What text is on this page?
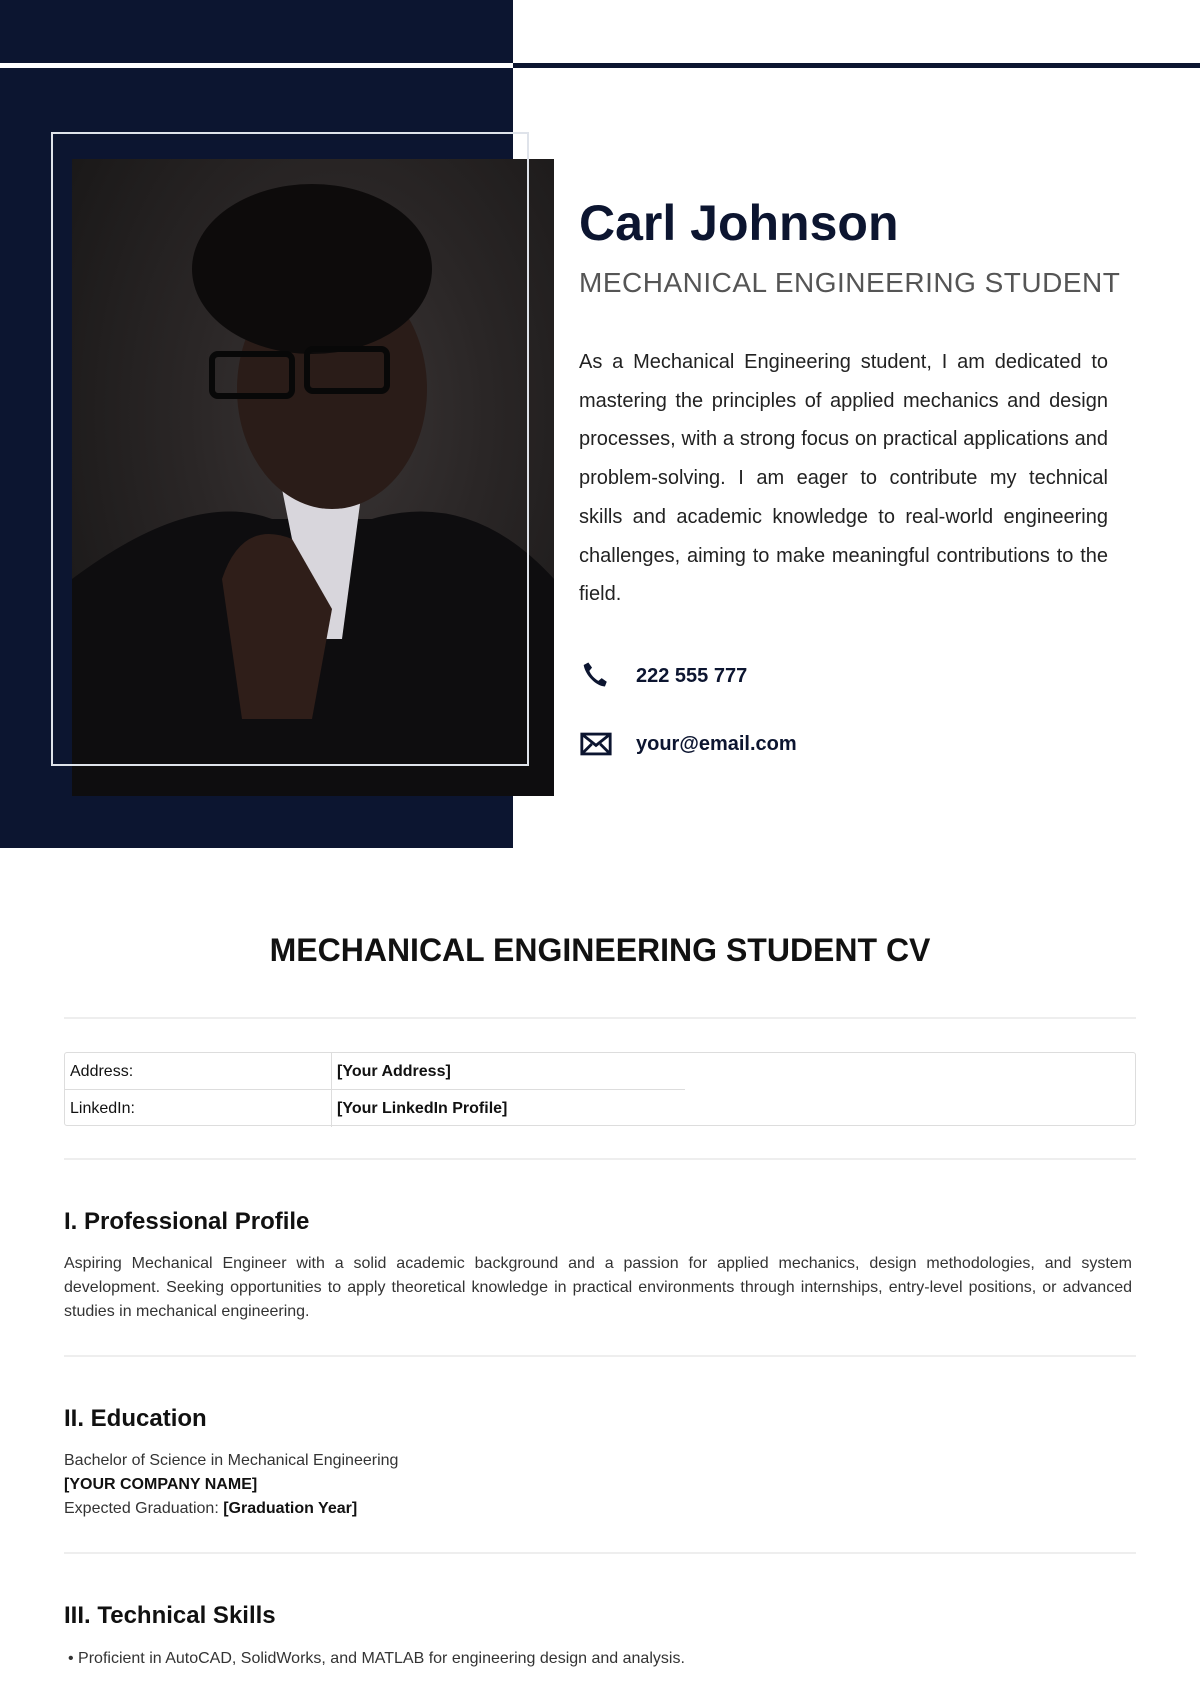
Carl Johnson
MECHANICAL ENGINEERING STUDENT
As a Mechanical Engineering student, I am dedicated to mastering the principles of applied mechanics and design processes, with a strong focus on practical applications and problem-solving. I am eager to contribute my technical skills and academic knowledge to real-world engineering challenges, aiming to make meaningful contributions to the field.
222 555 777
your@email.com
MECHANICAL ENGINEERING STUDENT CV
Address:	[Your Address]
LinkedIn:	[Your LinkedIn Profile]
I. Professional Profile
Aspiring Mechanical Engineer with a solid academic background and a passion for applied mechanics, design methodologies, and system development. Seeking opportunities to apply theoretical knowledge in practical environments through internships, entry-level positions, or advanced studies in mechanical engineering.
II. Education
Bachelor of Science in Mechanical Engineering
[YOUR COMPANY NAME]
Expected Graduation: [Graduation Year]
III. Technical Skills
• Proficient in AutoCAD, SolidWorks, and MATLAB for engineering design and analysis.
